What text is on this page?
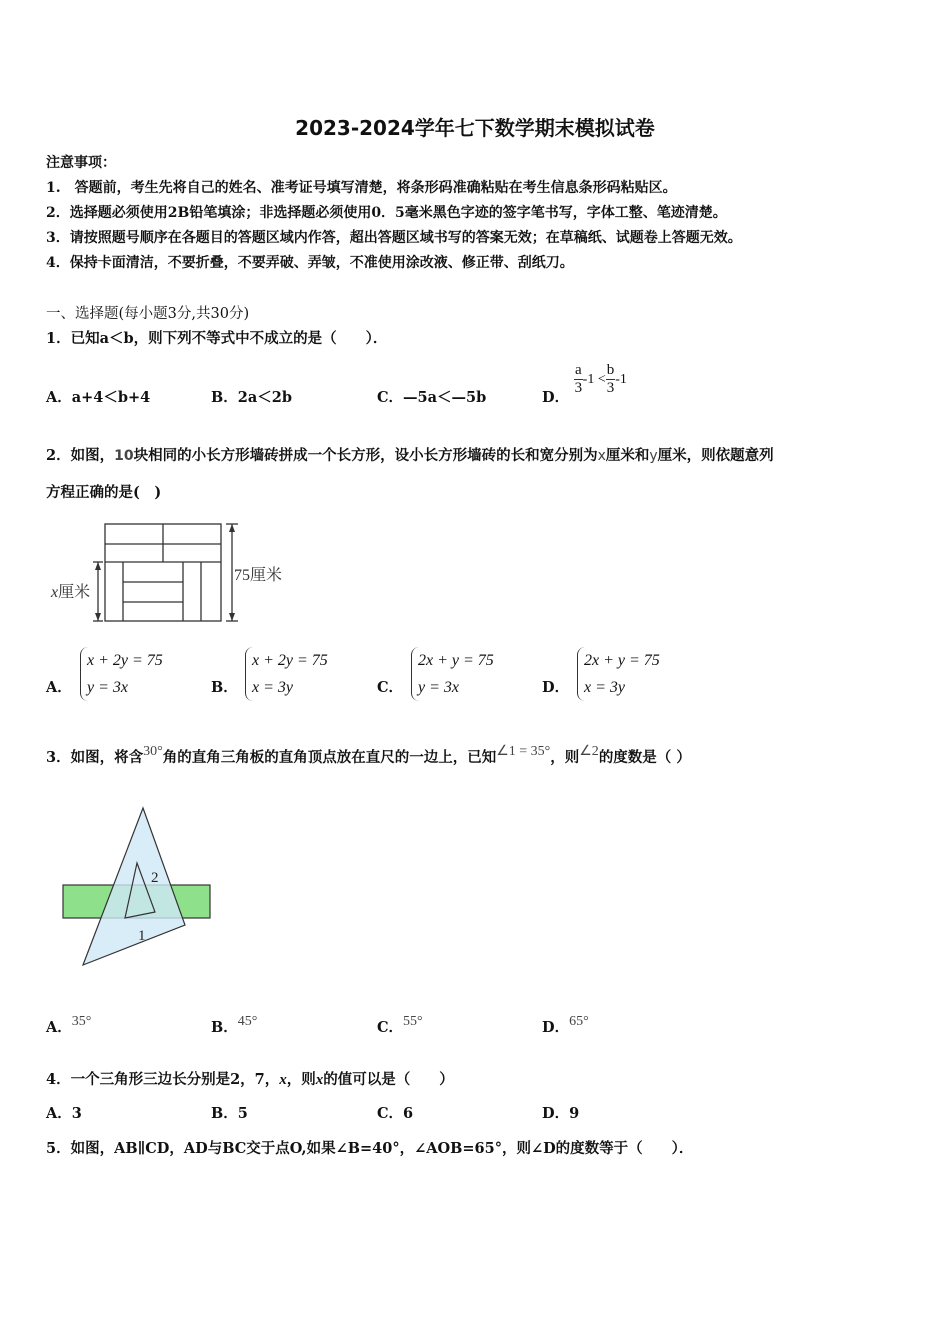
2023-2024学年七下数学期末模拟试卷
注意事项：
1.　答题前，考生先将自己的姓名、准考证号填写清楚，将条形码准确粘贴在考生信息条形码粘贴区。
2．选择题必须使用2B铅笔填涂；非选择题必须使用0．5毫米黑色字迹的签字笔书写，字体工整、笔迹清楚。
3．请按照题号顺序在各题目的答题区域内作答，超出答题区域书写的答案无效；在草稿纸、试题卷上答题无效。
4．保持卡面清洁，不要折叠，不要弄破、弄皱，不准使用涂改液、修正带、刮纸刀。
一、选择题(每小题3分,共30分)
1．已知a＜b，则下列不等式中不成立的是（　　）．
A．a+4＜b+4	B．2a＜2b	C．—5a＜—5b	D．
$\frac{a}{3} -1 < \frac{b}{3} -1$
2．如图，10块相同的小长方形墙砖拼成一个长方形，设小长方形墙砖的长和宽分别为x厘米和y厘米，则依题意列
方程正确的是(　)
75厘米
x厘米
A．
x + 2y = 75
y = 3x	B．
x + 2y = 75
x = 3y	C．
2x + y = 75
y = 3x	D．
2x + y = 75
x = 3y
3．如图，将含30°角的直角三角板的直角顶点放在直尺的一边上，已知∠1 = 35°，则∠2的度数是（ ）
2
1
A．35°	B．45°	C．55°	D．65°
4．一个三角形三边长分别是2，7，x，则x的值可以是（　　）
A．3	B．5	C．6	D．9
5．如图，AB∥CD，AD与BC交于点O,如果∠B=40°，∠AOB=65°，则∠D的度数等于（　　）．
